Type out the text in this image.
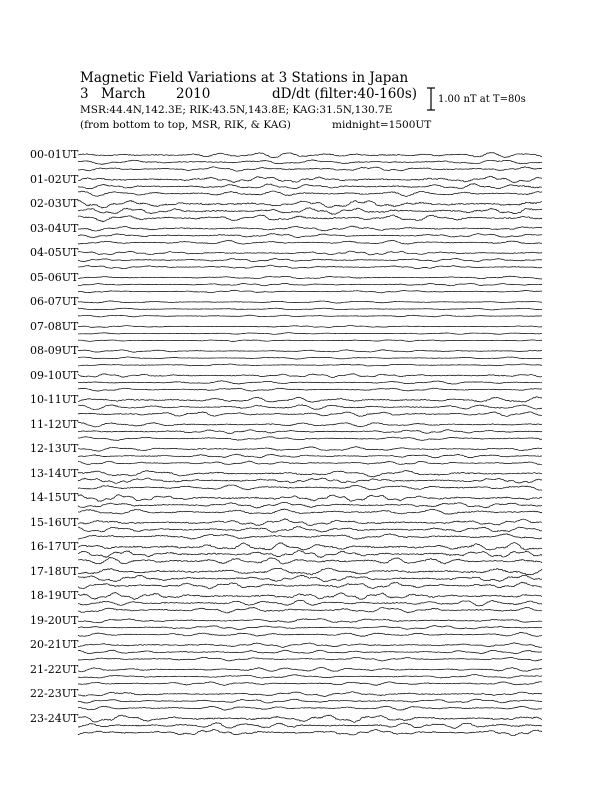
Magnetic Field Variations at 3 Stations in Japan
3 March 2010	dD/dt (filter:40-160s)
MSR:44.4N,142.3E; RIK:43.5N,143.8E; KAG:31.5N,130.7E
(from bottom to top, MSR, RIK, & KAG)	midnight=1500UT
1.00 nT at T=80s
00-01UT
01-02UT
02-03UT
03-04UT
04-05UT
05-06UT
06-07UT
07-08UT
08-09UT
09-10UT
10-11UT
11-12UT
12-13UT
13-14UT
14-15UT
15-16UT
16-17UT
17-18UT
18-19UT
19-20UT
20-21UT
21-22UT
22-23UT
23-24UT
